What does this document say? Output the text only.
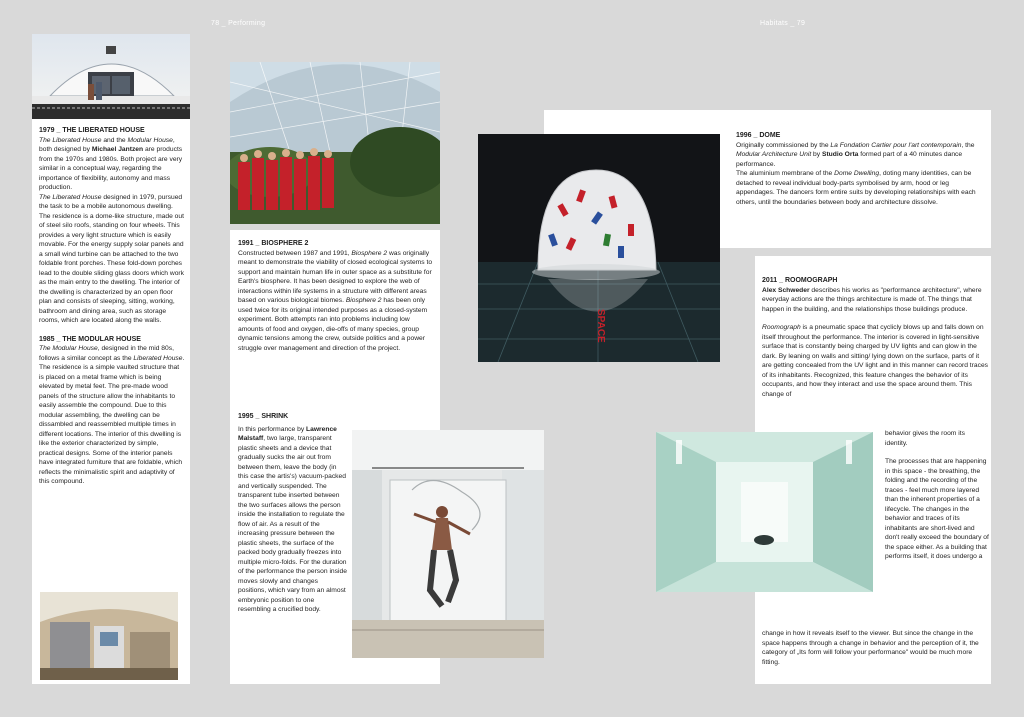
78 _ Performing	Habitats _ 79

1979 _ THE LIBERATED HOUSE

The Liberated House and the Modular House, both designed by Michael Jantzen are products from the 1970s and 1980s. Both project are very similar in a conceptual way, regarding the importance of flexibility, autonomy and mass production.

The Liberated House designed in 1979, pursued the task to be a mobile autonomous dwelling. The residence is a dome-like structure, made out of steel silo roofs, standing on four wheels. This provides a very light structure which is easily movable. For the energy supply solar panels and a small wind turbine can be attached to the two foldable front porches. These fold-down porches lead to the double sliding glass doors which work as the main entry to the dwelling. The interior of the dwelling is characterized by an open floor plan and consists of sleeping, sitting, working, bathroom and dining area, such as storage rooms, which are located along the walls.

1985 _ THE MODULAR HOUSE

The Modular House, designed in the mid 80s, follows a similar concept as the Liberated House. The residence is a simple vaulted structure that is placed on a metal frame which is being elevated by metal feet. The pre-made wood panels of the structure allow the inhabitants to easily assemble the compound. Due to this modular assembling, the dwelling can be dissambled and reassembled multiple times in different locations. The interior of this dwelling is like the exterior characterized by simple, practical designs. Some of the interior panels have integrated furniture that are foldable, which reflects the minimalistic spirit and adaptivity of this compound.

1991 _ BIOSPHERE 2

Constructed between 1987 and 1991, Biosphere 2 was originally meant to demonstrate the viability of closed ecological systems to support and maintain human life in outer space as a substitute for Earth's biosphere. It has been designed to explore the web of interactions within life systems in a structure with different areas based on various biological biomes. Biosphere 2 has been only used twice for its original intended purposes as a closed-system experiment. Both attempts ran into problems including low amounts of food and oxygen, die-offs of many species, group dynamic tensions among the crew, outside politics and a power struggle over management and direction of the project.

1995 _ SHRINK

In this performance by Lawrence Malstaff, two large, transparent plastic sheets and a device that gradually sucks the air out from between them, leave the body (in this case the artis's) vacuum-packed and vertically suspended. The transparent tube inserted between the two surfaces allows the person inside the installation to regulate the flow of air. As a result of the increasing pressure between the plastic sheets, the surface of the packed body gradually freezes into multiple micro-folds. For the duration of the performance the person inside moves slowly and changes positions, which vary from an almost embryonic position to one resembling a crucified body.

SPACE

1996 _ DOME

Originally commissioned by the La Fondation Cartier pour l'art contemporain, the Modular Architecture Unit by Studio Orta formed part of a 40 minutes dance performance.

The aluminium membrane of the Dome Dwelling, doting many identities, can be detached to reveal individual body-parts symbolised by arm, hood or leg appendages. The dancers form entire suits by developing relationships with each others, until the boundaries between body and architecture dissolve.

2011 _ ROOMOGRAPH

Alex Schweder describes his works as "performance architecture", where everyday actions are the things architecture is made of. The things that happen in the building, and the relationships those buildings produce.

Roomograph is a pneumatic space that cyclicly blows up and falls down on itself throughout the performance. The interior is covered in light-sensitive surface that is constantly being charged by UV lights and can glow in the dark. By leaning on walls and sitting/ lying down on the surface, parts of it are getting concealed from the UV light and in this manner can record traces of its inhabitants. Recognized, this feature changes the behavior of its occupants, and how they interact and use the space around them. This change of

behavior gives the room its identity.

The processes that are happening in this space - the breathing, the folding and the recording of the traces - feel much more layered than the inherent properties of a lifecycle. The changes in the behavior and traces of its inhabitants are short-lived and don't really exceed the boundary of the space either. As a building that performs itself, it does undergo a

change in how it reveals itself to the viewer. But since the change in the space happens through a change in behavior and the perception of it, the category of „Its form will follow your performance" would be much more fitting.
